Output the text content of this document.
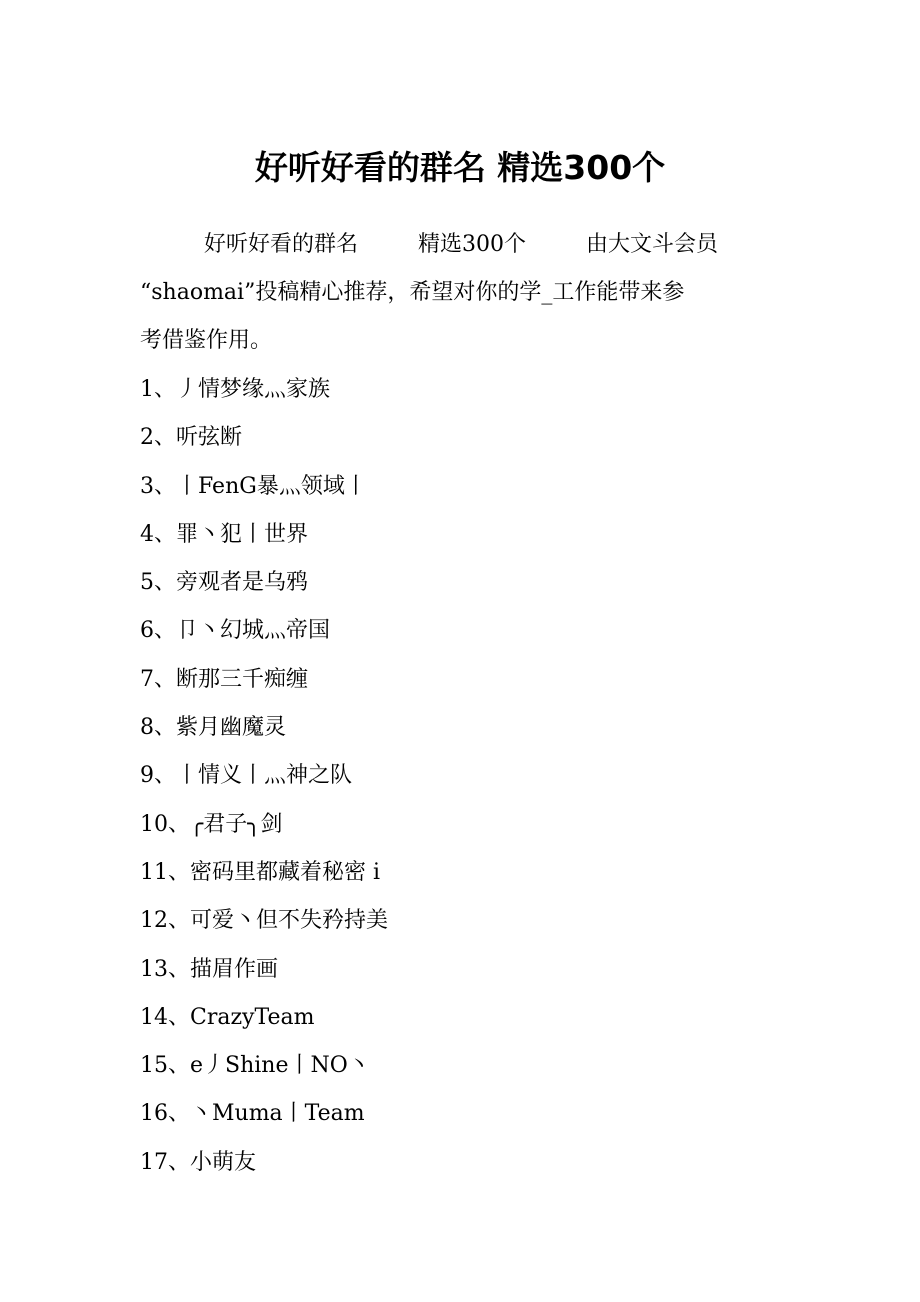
好听好看的群名 精选300个
好听好看的群名	精选300个	由大文斗会员
“shaomai”投稿精心推荐，希望对你的学_工作能带来参
考借鉴作用。
1、丿情梦缘灬家族
2、听弦断
3、丨FenG暴灬领域丨
4、罪丶犯丨世界
5、旁观者是乌鸦
6、卩丶幻城灬帝国
7、断那三千痴缠
8、紫月幽魔灵
9、丨情义丨灬神之队
10、╭君子╮剑
11、密码里都藏着秘密 i
12、可爱丶但不失矜持美
13、描眉作画
14、CrazyTeam
15、e丿Shine丨NO丶
16、丶Muma丨Team
17、小萌友
